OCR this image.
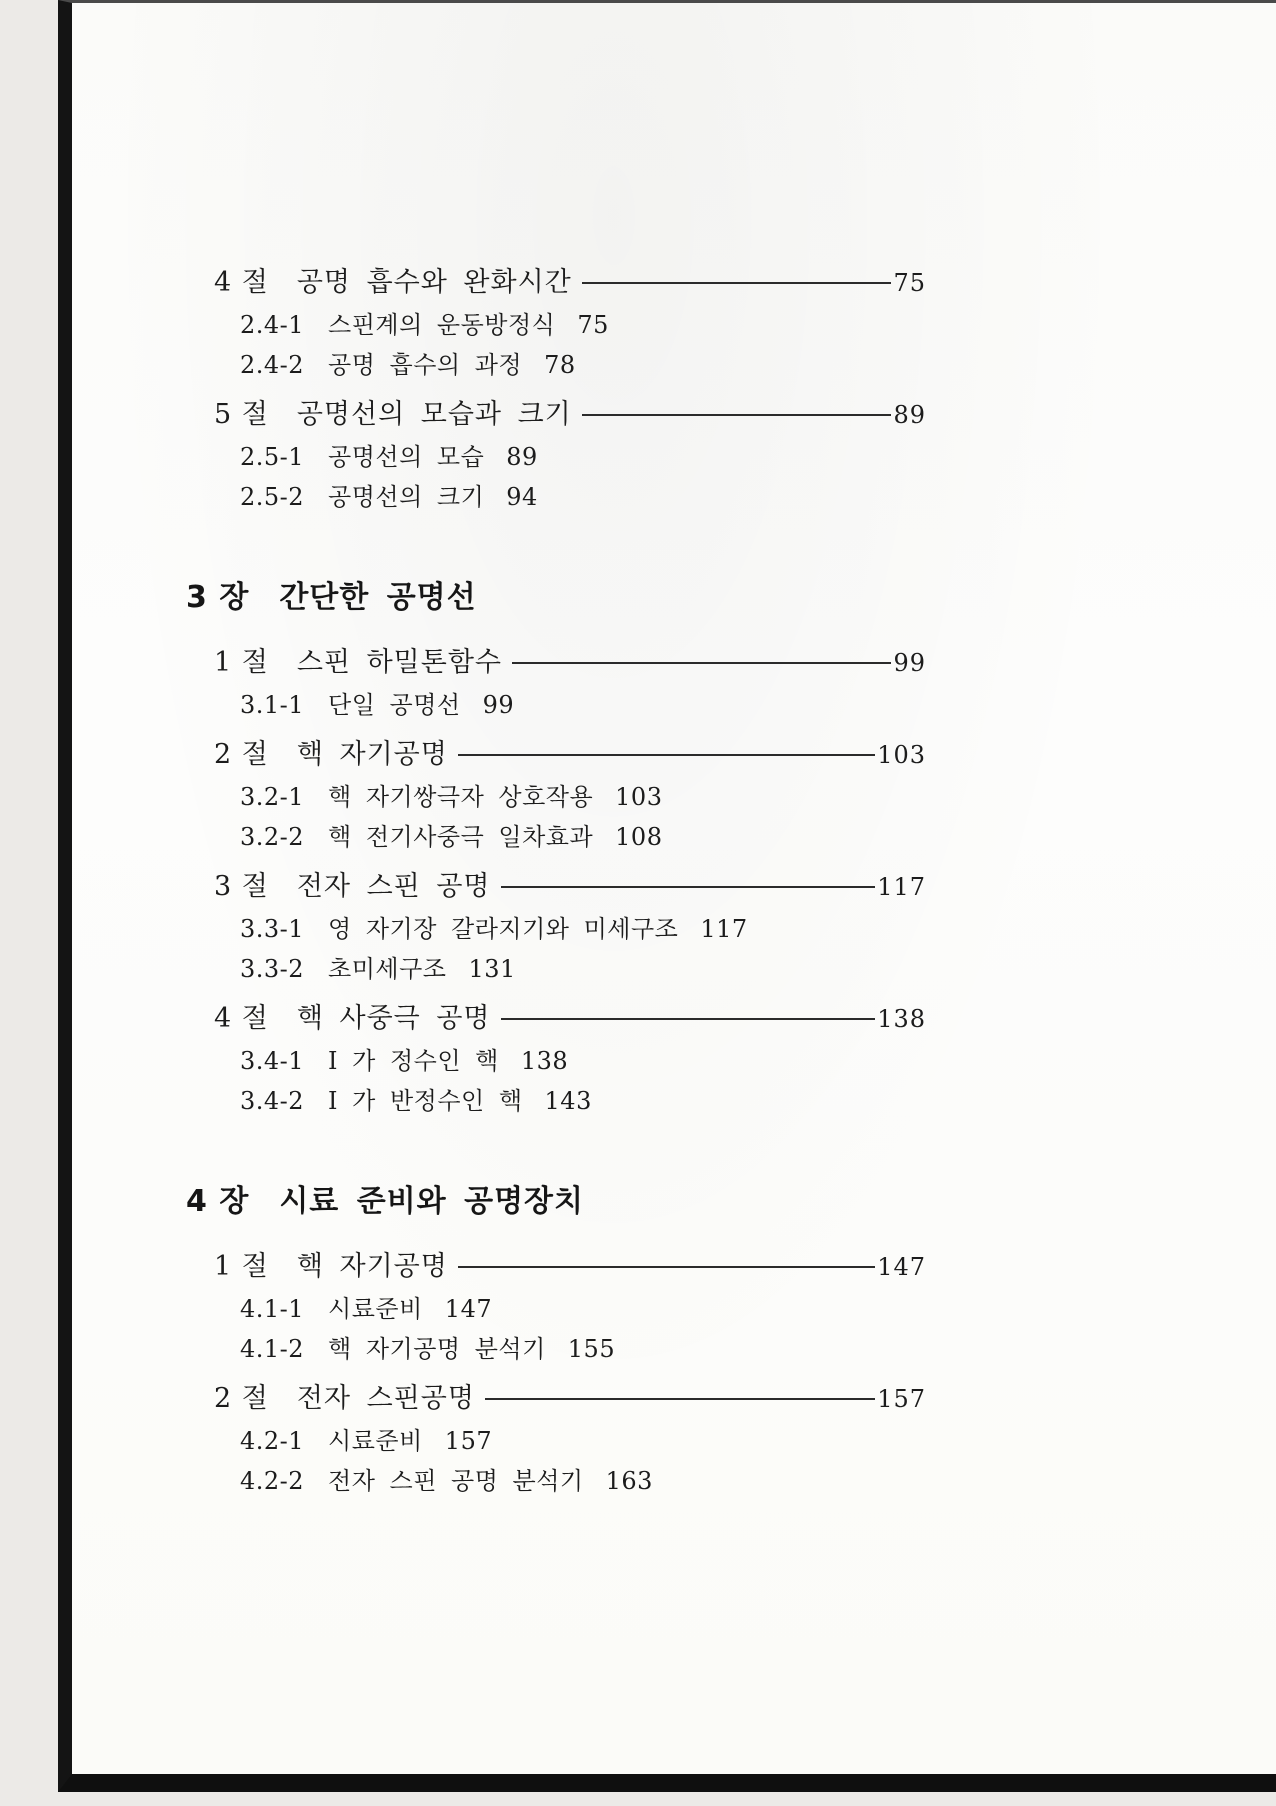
4 절 공명 흡수와 완화시간	75
2.4-1 스핀계의 운동방정식 75
2.4-2 공명 흡수의 과정 78
5 절 공명선의 모습과 크기	89
2.5-1 공명선의 모습 89
2.5-2 공명선의 크기 94
3 장 간단한 공명선
1 절 스핀 하밀톤함수	99
3.1-1 단일 공명선 99
2 절 핵 자기공명	103
3.2-1 핵 자기쌍극자 상호작용 103
3.2-2 핵 전기사중극 일차효과 108
3 절 전자 스핀 공명	117
3.3-1 영 자기장 갈라지기와 미세구조 117
3.3-2 초미세구조 131
4 절 핵 사중극 공명	138
3.4-1 I 가 정수인 핵 138
3.4-2 I 가 반정수인 핵 143
4 장 시료 준비와 공명장치
1 절 핵 자기공명	147
4.1-1 시료준비 147
4.1-2 핵 자기공명 분석기 155
2 절 전자 스핀공명	157
4.2-1 시료준비 157
4.2-2 전자 스핀 공명 분석기 163
